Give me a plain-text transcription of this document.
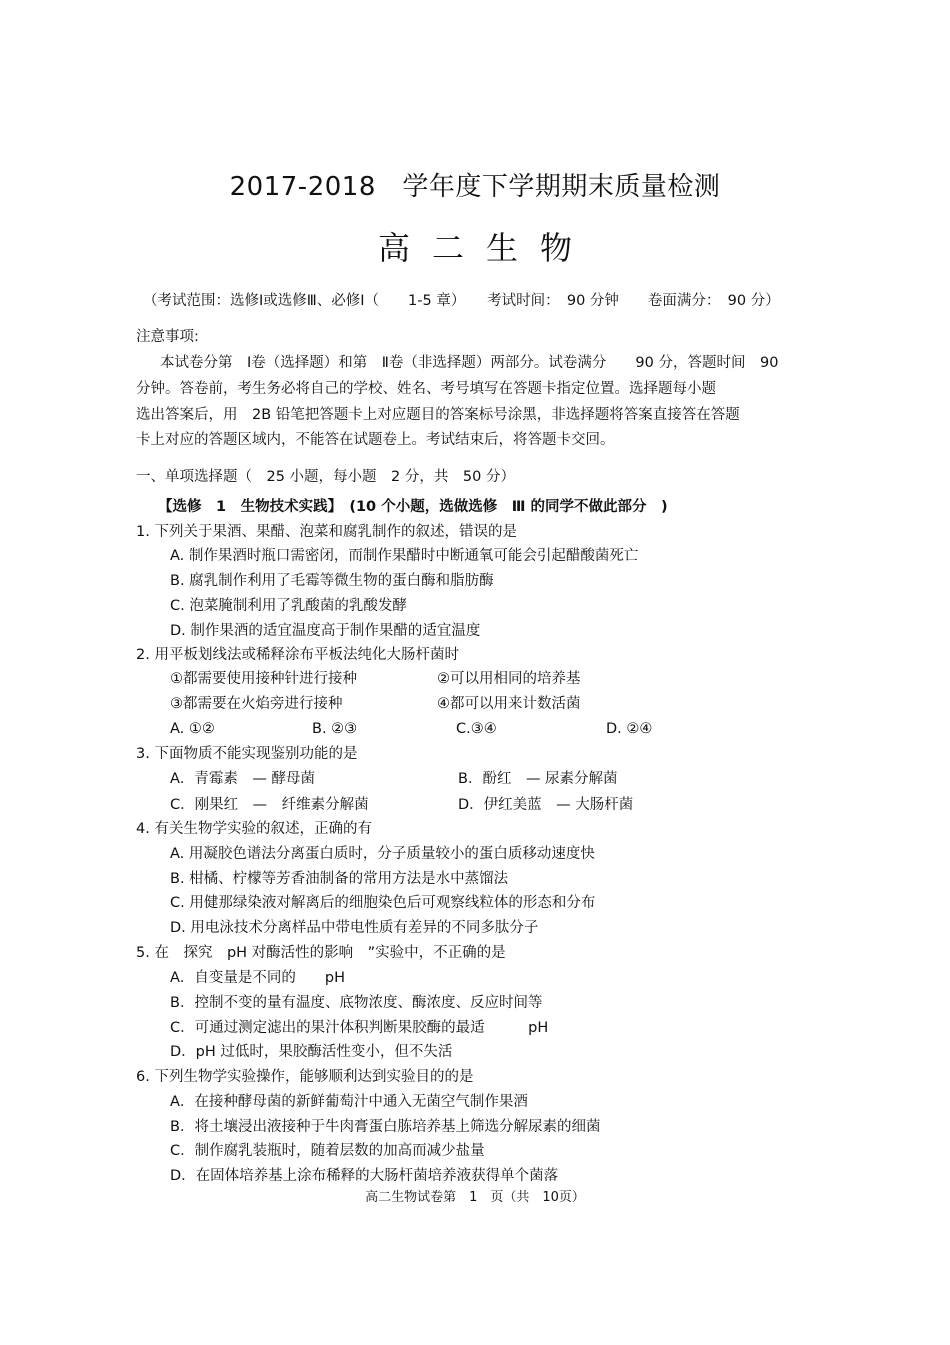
2017-2018　学年度下学期期末质量检测
高二生物
（考试范围：选修Ⅰ或选修Ⅲ、必修Ⅰ（　　1-5 章）　　考试时间：　90 分钟　　卷面满分：　90 分）
注意事项:
本试卷分第　Ⅰ卷（选择题）和第　Ⅱ卷（非选择题）两部分。试卷满分　　90 分，答题时间　90
分钟。答卷前，考生务必将自己的学校、姓名、考号填写在答题卡指定位置。选择题每小题
选出答案后，用　2B 铅笔把答题卡上对应题目的答案标号涂黑，非选择题将答案直接答在答题
卡上对应的答题区域内，不能答在试题卷上。考试结束后，将答题卡交回。
一、单项选择题（　25 小题，每小题　2 分，共　50 分）
【选修　1　生物技术实践】　(10 个小题，选做选修　Ⅲ 的同学不做此部分　)
1. 下列关于果酒、果醋、泡菜和腐乳制作的叙述，错误的是
A. 制作果酒时瓶口需密闭，而制作果醋时中断通氧可能会引起醋酸菌死亡
B. 腐乳制作利用了毛霉等微生物的蛋白酶和脂肪酶
C. 泡菜腌制利用了乳酸菌的乳酸发酵
D. 制作果酒的适宜温度高于制作果醋的适宜温度
2. 用平板划线法或稀释涂布平板法纯化大肠杆菌时
①都需要使用接种针进行接种	②可以用相同的培养基
③都需要在火焰旁进行接种	④都可以用来计数活菌
A. ①②	B. ②③	C.③④	D. ②④
3. 下面物质不能实现鉴别功能的是
A．青霉素　— 酵母菌	B．酚红　— 尿素分解菌
C．刚果红　—　纤维素分解菌	D．伊红美蓝　— 大肠杆菌
4. 有关生物学实验的叙述，正确的有
A. 用凝胶色谱法分离蛋白质时，分子质量较小的蛋白质移动速度快
B. 柑橘、柠檬等芳香油制备的常用方法是水中蒸馏法
C. 用健那绿染液对解离后的细胞染色后可观察线粒体的形态和分布
D. 用电泳技术分离样品中带电性质有差异的不同多肽分子
5. 在　探究　pH 对酶活性的影响　”实验中，不正确的是
A．自变量是不同的　　pH
B．控制不变的量有温度、底物浓度、酶浓度、反应时间等
C．可通过测定滤出的果汁体积判断果胶酶的最适　　　pH
D．pH 过低时，果胶酶活性变小，但不失活
6. 下列生物学实验操作，能够顺利达到实验目的的是
A．在接种酵母菌的新鲜葡萄汁中通入无菌空气制作果酒
B．将土壤浸出液接种于牛肉膏蛋白胨培养基上筛选分解尿素的细菌
C．制作腐乳装瓶时，随着层数的加高而减少盐量
D．在固体培养基上涂布稀释的大肠杆菌培养液获得单个菌落
高二生物试卷第　1　页（共　10页）
